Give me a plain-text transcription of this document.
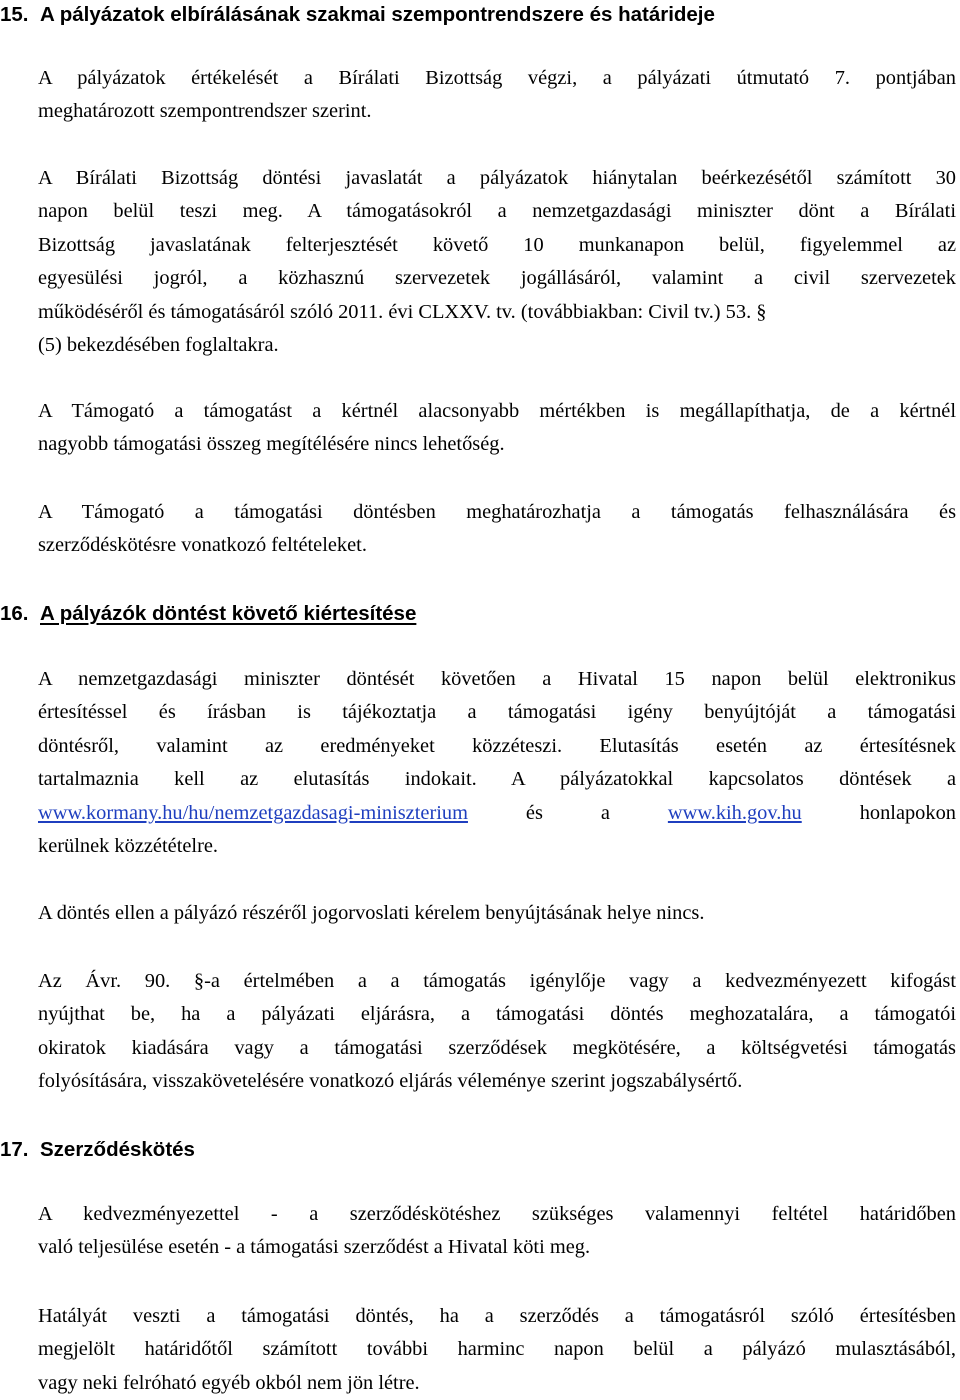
15. A pályázatok elbírálásának szakmai szempontrendszere és határideje
A pályázatok értékelését a Bírálati Bizottság végzi, a pályázati útmutató 7. pontjában
meghatározott szempontrendszer szerint.
A Bírálati Bizottság döntési javaslatát a pályázatok hiánytalan beérkezésétől számított 30
napon belül teszi meg. A támogatásokról a nemzetgazdasági miniszter dönt a Bírálati
Bizottság javaslatának felterjesztését követő 10 munkanapon belül, figyelemmel az
egyesülési jogról, a közhasznú szervezetek jogállásáról, valamint a civil szervezetek
működéséről és támogatásáról szóló 2011. évi CLXXV. tv. (továbbiakban: Civil tv.) 53. §
(5) bekezdésében foglaltakra.
A Támogató a támogatást a kértnél alacsonyabb mértékben is megállapíthatja, de a kértnél
nagyobb támogatási összeg megítélésére nincs lehetőség.
A Támogató a támogatási döntésben meghatározhatja a támogatás felhasználására és
szerződéskötésre vonatkozó feltételeket.
16. A pályázók döntést követő kiértesítése
A nemzetgazdasági miniszter döntését követően a Hivatal 15 napon belül elektronikus
értesítéssel és írásban is tájékoztatja a támogatási igény benyújtóját a támogatási
döntésről, valamint az eredményeket közzéteszi. Elutasítás esetén az értesítésnek
tartalmaznia kell az elutasítás indokait. A pályázatokkal kapcsolatos döntések a
www.kormany.hu/hu/nemzetgazdasagi-miniszterium	és a	www.kih.gov.hu	honlapokon
kerülnek közzétételre.
A döntés ellen a pályázó részéről jogorvoslati kérelem benyújtásának helye nincs.
Az Ávr. 90. §-a értelmében a a támogatás igénylője vagy a kedvezményezett kifogást
nyújthat be, ha a pályázati eljárásra, a támogatási döntés meghozatalára, a támogatói
okiratok kiadására vagy a támogatási szerződések megkötésére, a költségvetési támogatás
folyósítására, visszakövetelésére vonatkozó eljárás véleménye szerint jogszabálysértő.
17. Szerződéskötés
A kedvezményezettel - a szerződéskötéshez szükséges valamennyi feltétel határidőben
való teljesülése esetén - a támogatási szerződést a Hivatal köti meg.
Hatályát veszti a támogatási döntés, ha a szerződés a támogatásról szóló értesítésben
megjelölt határidőtől számított további harminc napon belül a pályázó mulasztásából,
vagy neki felróható egyéb okból nem jön létre.
